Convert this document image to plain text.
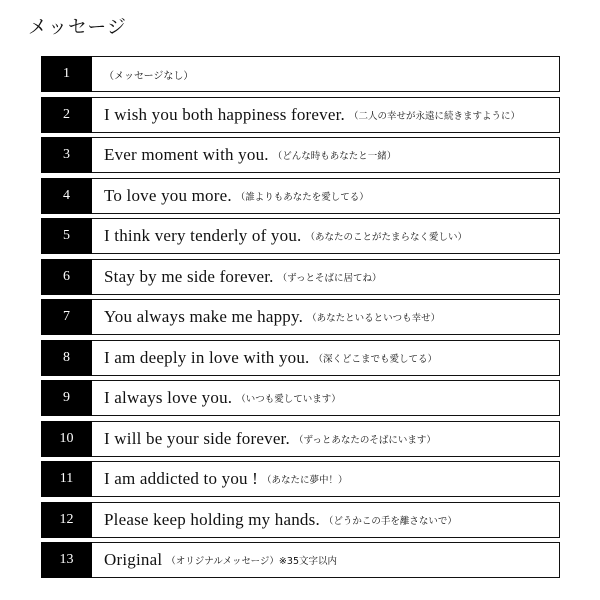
メッセージ
1	（メッセージなし）
2	I wish you both happiness forever. （二人の幸せが永遠に続きますように）
3	Ever moment with you. （どんな時もあなたと一緒）
4	To love you more. （誰よりもあなたを愛してる）
5	I think very tenderly of you. （あなたのことがたまらなく愛しい）
6	Stay by me side forever. （ずっとそばに居てね）
7	You always make me happy. （あなたといるといつも幸せ）
8	I am deeply in love with you. （深くどこまでも愛してる）
9	I always love you. （いつも愛しています）
10	I will be your side forever. （ずっとあなたのそばにいます）
11	I am addicted to you ! （あなたに夢中！）
12	Please keep holding my hands. （どうかこの手を離さないで）
13	Original （オリジナルメッセージ）※35文字以内
